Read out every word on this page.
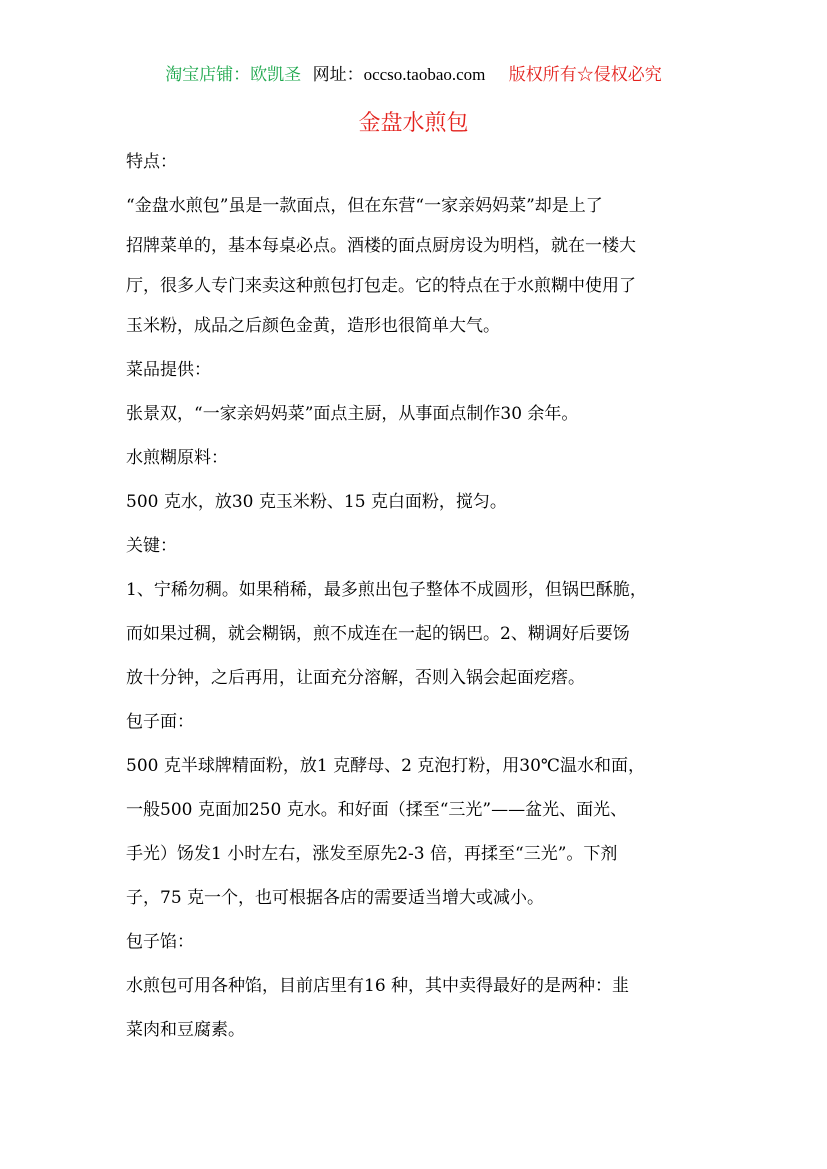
淘宝店铺：欧凯圣 网址：occso.taobao.com 版权所有☆侵权必究
金盘水煎包
特点：
“金盘水煎包”虽是一款面点，但在东营“一家亲妈妈菜”却是上了
招牌菜单的，基本每桌必点。酒楼的面点厨房设为明档，就在一楼大
厅，很多人专门来卖这种煎包打包走。它的特点在于水煎糊中使用了
玉米粉，成品之后颜色金黄，造形也很简单大气。
菜品提供：
张景双，“一家亲妈妈菜”面点主厨，从事面点制作30 余年。
水煎糊原料：
500 克水，放30 克玉米粉、15 克白面粉，搅匀。
关键：
1、宁稀勿稠。如果稍稀，最多煎出包子整体不成圆形，但锅巴酥脆，
而如果过稠，就会糊锅，煎不成连在一起的锅巴。2、糊调好后要饧
放十分钟，之后再用，让面充分溶解，否则入锅会起面疙瘩。
包子面：
500 克半球牌精面粉，放1 克酵母、2 克泡打粉，用30℃温水和面，
一般500 克面加250 克水。和好面（揉至“三光”——盆光、面光、
手光）饧发1 小时左右，涨发至原先2-3 倍，再揉至“三光”。下剂
子，75 克一个，也可根据各店的需要适当增大或减小。
包子馅：
水煎包可用各种馅，目前店里有16 种，其中卖得最好的是两种：韭
菜肉和豆腐素。
